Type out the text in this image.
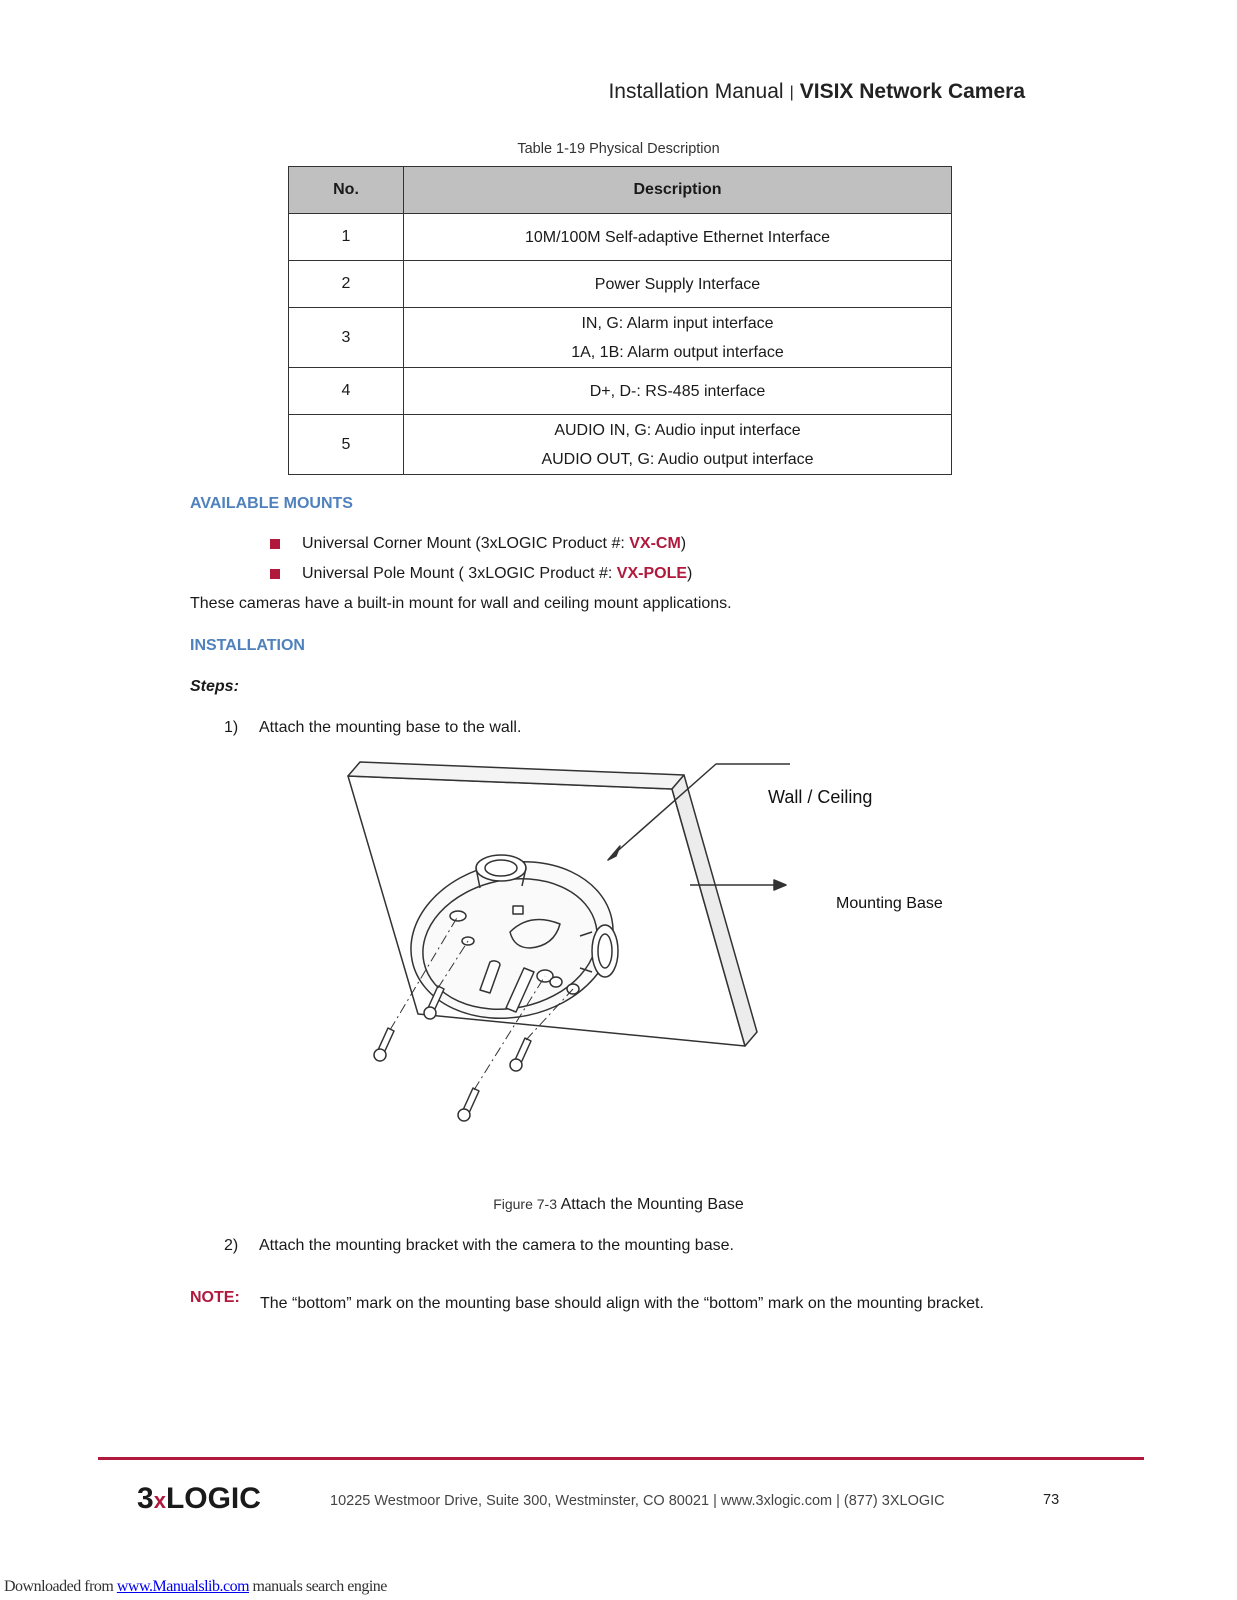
Installation Manual | VISIX Network Camera
Table 1-19 Physical Description
No.	Description
1	10M/100M Self-adaptive Ethernet Interface

2	Power Supply Interface

3	IN, G: Alarm input interface
1A, 1B: Alarm output interface

4	D+, D-: RS-485 interface

5	AUDIO IN, G: Audio input interface
AUDIO OUT, G: Audio output interface
AVAILABLE MOUNTS
Universal Corner Mount (3xLOGIC Product #: VX-CM)
Universal Pole Mount ( 3xLOGIC Product #: VX-POLE)
These cameras have a built-in mount for wall and ceiling mount applications.
INSTALLATION
Steps:
1) Attach the mounting base to the wall.
Wall / Ceiling
Mounting Base
Figure 7-3 Attach the Mounting Base
2) Attach the mounting bracket with the camera to the mounting base.
NOTE: The “bottom” mark on the mounting base should align with the “bottom” mark on the mounting bracket.
3xLOGIC	10225 Westmoor Drive, Suite 300, Westminster, CO 80021 | www.3xlogic.com | (877) 3XLOGIC	73
Downloaded from www.Manualslib.com manuals search engine
